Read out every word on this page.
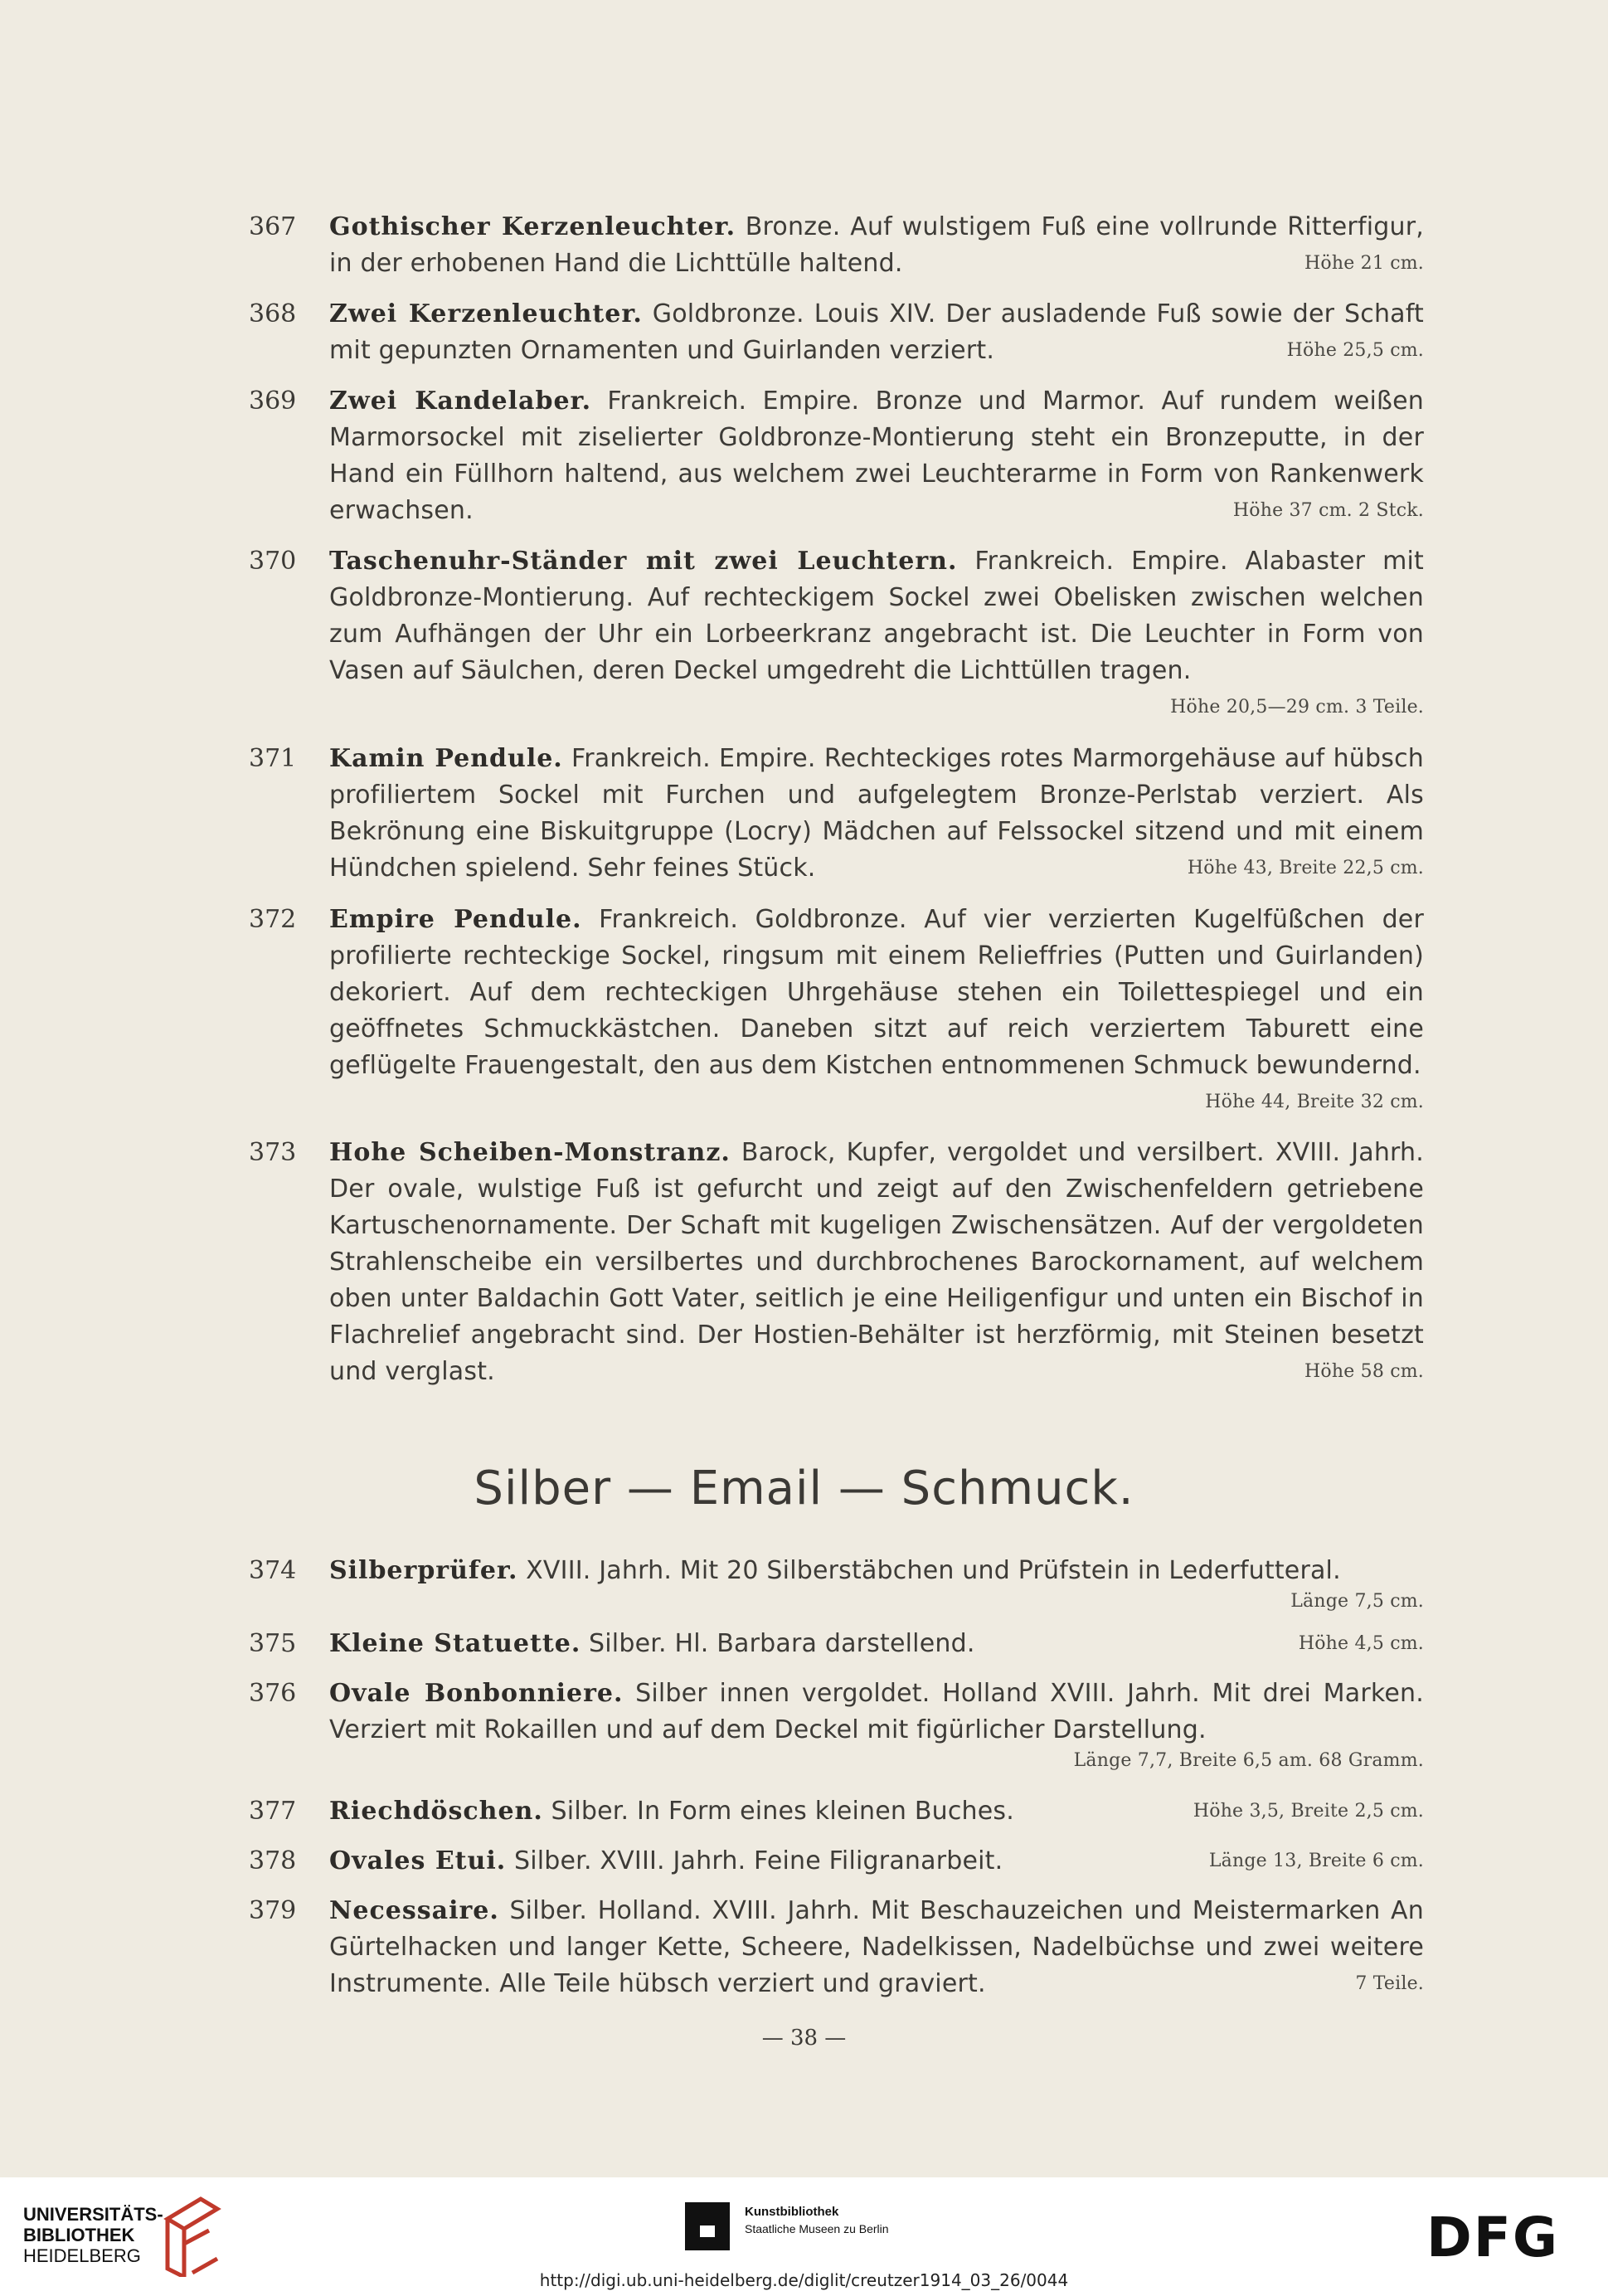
367 Gothischer Kerzenleuchter. Bronze. Auf wulstigem Fuß eine vollrunde Ritterfigur, in der erhobenen Hand die Lichttülle haltend.	Höhe 21 cm.
368 Zwei Kerzenleuchter. Goldbronze. Louis XIV. Der ausladende Fuß sowie der Schaft mit gepunzten Ornamenten und Guirlanden verziert.	Höhe 25,5 cm.
369 Zwei Kandelaber. Frankreich. Empire. Bronze und Marmor. Auf rundem weißen Marmorsockel mit ziselierter Goldbronze-Montierung steht ein Bronzeputte, in der Hand ein Füllhorn haltend, aus welchem zwei Leuchterarme in Form von Rankenwerk erwachsen.	Höhe 37 cm. 2 Stck.
370 Taschenuhr-Ständer mit zwei Leuchtern. Frankreich. Empire. Alabaster mit Goldbronze-Montierung. Auf rechteckigem Sockel zwei Obelisken zwischen welchen zum Aufhängen der Uhr ein Lorbeerkranz angebracht ist. Die Leuchter in Form von Vasen auf Säulchen, deren Deckel umgedreht die Lichttüllen tragen.
Höhe 20,5—29 cm. 3 Teile.
371 Kamin Pendule. Frankreich. Empire. Rechteckiges rotes Marmorgehäuse auf hübsch profiliertem Sockel mit Furchen und aufgelegtem Bronze-Perlstab verziert. Als Bekrönung eine Biskuitgruppe (Locry) Mädchen auf Felssockel sitzend und mit einem Hündchen spielend. Sehr feines Stück.	Höhe 43, Breite 22,5 cm.
372 Empire Pendule. Frankreich. Goldbronze. Auf vier verzierten Kugelfüßchen der profilierte rechteckige Sockel, ringsum mit einem Relieffries (Putten und Guirlanden) dekoriert. Auf dem rechteckigen Uhrgehäuse stehen ein Toilettespiegel und ein geöffnetes Schmuckkästchen. Daneben sitzt auf reich verziertem Taburett eine geflügelte Frauengestalt, den aus dem Kistchen entnommenen Schmuck bewundernd.
Höhe 44, Breite 32 cm.
373 Hohe Scheiben-Monstranz. Barock, Kupfer, vergoldet und versilbert. XVIII. Jahrh. Der ovale, wulstige Fuß ist gefurcht und zeigt auf den Zwischenfeldern getriebene Kartuschenornamente. Der Schaft mit kugeligen Zwischensätzen. Auf der vergoldeten Strahlenscheibe ein versilbertes und durchbrochenes Barockornament, auf welchem oben unter Baldachin Gott Vater, seitlich je eine Heiligenfigur und unten ein Bischof in Flachrelief angebracht sind. Der Hostien-Behälter ist herzförmig, mit Steinen besetzt und verglast.	Höhe 58 cm.
Silber — Email — Schmuck.
374 Silberprüfer. XVIII. Jahrh. Mit 20 Silberstäbchen und Prüfstein in Lederfutteral.
Länge 7,5 cm.
375 Kleine Statuette. Silber. Hl. Barbara darstellend.	Höhe 4,5 cm.
376 Ovale Bonbonniere. Silber innen vergoldet. Holland XVIII. Jahrh. Mit drei Marken. Verziert mit Rokaillen und auf dem Deckel mit figürlicher Darstellung.
Länge 7,7, Breite 6,5 am. 68 Gramm.
377 Riechdöschen. Silber. In Form eines kleinen Buches.	Höhe 3,5, Breite 2,5 cm.
378 Ovales Etui. Silber. XVIII. Jahrh. Feine Filigranarbeit.	Länge 13, Breite 6 cm.
379 Necessaire. Silber. Holland. XVIII. Jahrh. Mit Beschauzeichen und Meistermarken An Gürtelhacken und langer Kette, Scheere, Nadelkissen, Nadelbüchse und zwei weitere Instrumente. Alle Teile hübsch verziert und graviert.	7 Teile.
— 38 —
UNIVERSITÄTS-
BIBLIOTHEK
HEIDELBERG
Kunstbibliothek
Staatliche Museen zu Berlin	DFG
http://digi.ub.uni-heidelberg.de/diglit/creutzer1914_03_26/0044
